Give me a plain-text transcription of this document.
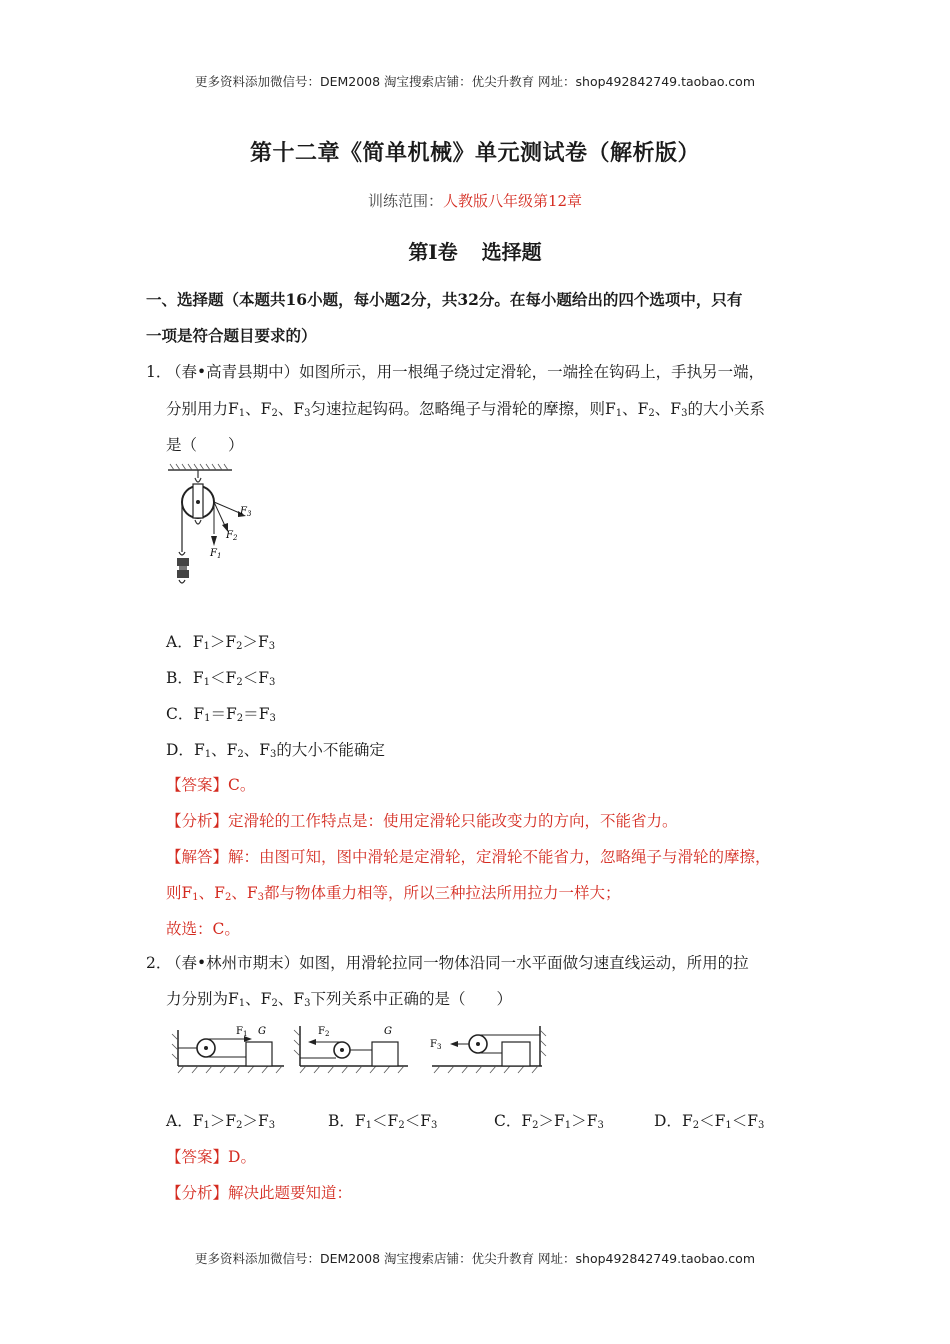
更多资料添加微信号：DEM2008 淘宝搜索店铺：优尖升教育 网址：shop492842749.taobao.com
第十二章《简单机械》单元测试卷（解析版）
训练范围：人教版八年级第12章
第Ⅰ卷 选择题
一、选择题（本题共16小题，每小题2分，共32分。在每小题给出的四个选项中，只有
一项是符合题目要求的）
1．
（春•高青县期中）如图所示，用一根绳子绕过定滑轮，一端拴在钩码上，手执另一端，
分别用力$F_1$、$F_2$、$F_3$匀速拉起钩码。忽略绳子与滑轮的摩擦，则$F_1$、$F_2$、$F_3$的大小关系
是（　　）
$F_1$
$F_2$
$F_3$
A．$F_1>F_2>F_3$
B．$F_1<F_2<F_3$
C．$F_1=F_2=F_3$
D．$F_1$、$F_2$、$F_3$的大小不能确定
【答案】C。
【分析】定滑轮的工作特点是：使用定滑轮只能改变力的方向，不能省力。
【解答】解：由图可知，图中滑轮是定滑轮，定滑轮不能省力，忽略绳子与滑轮的摩擦，
则$F_1$、$F_2$、$F_3$都与物体重力相等，所以三种拉法所用拉力一样大；
故选：C。
2．
（春•林州市期末）如图，用滑轮拉同一物体沿同一水平面做匀速直线运动，所用的拉
力分别为$F_1$、$F_2$、$F_3$下列关系中正确的是（　　）
$F_1$ G	$F_2$	G
$F_3$
A．$F_1>F_2>F_3$	B．$F_1<F_2<F_3$	C．$F_2>F_1>F_3$	D．$F_2<F_1<F_3$
【答案】D。
【分析】解决此题要知道：
更多资料添加微信号：DEM2008 淘宝搜索店铺：优尖升教育 网址：shop492842749.taobao.com
